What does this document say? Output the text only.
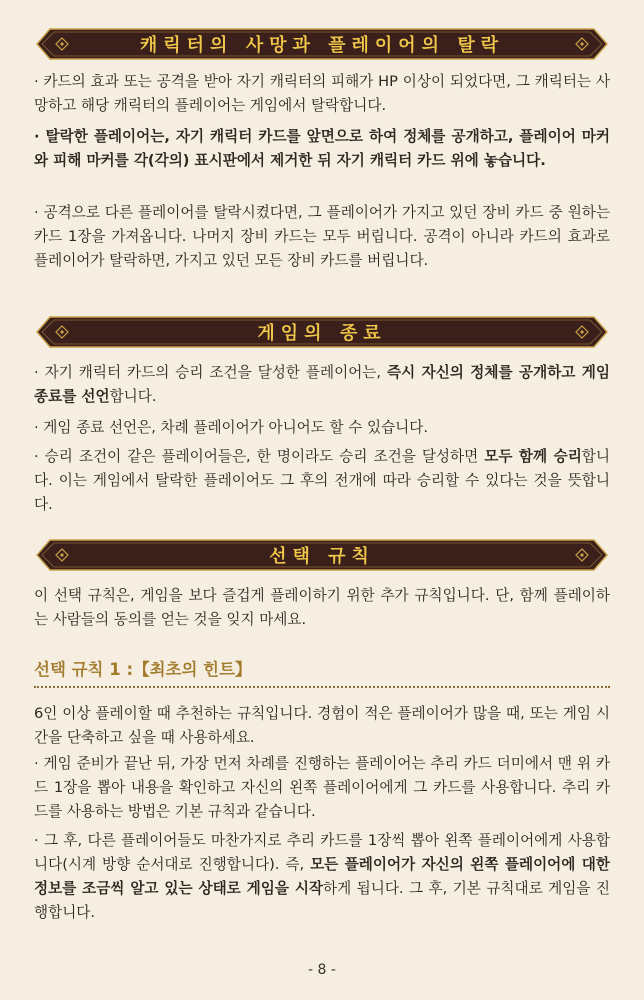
캐릭터의 사망과 플레이어의 탈락
· 카드의 효과 또는 공격을 받아 자기 캐릭터의 피해가 HP 이상이 되었다면, 그 캐릭터는 사망하고 해당 캐릭터의 플레이어는 게임에서 탈락합니다.
· 탈락한 플레이어는, 자기 캐릭터 카드를 앞면으로 하여 정체를 공개하고, 플레이어 마커와 피해 마커를 각(각의) 표시판에서 제거한 뒤 자기 캐릭터 카드 위에 놓습니다.
· 공격으로 다른 플레이어를 탈락시켰다면, 그 플레이어가 가지고 있던 장비 카드 중 원하는 카드 1장을 가져옵니다. 나머지 장비 카드는 모두 버립니다. 공격이 아니라 카드의 효과로 플레이어가 탈락하면, 가지고 있던 모든 장비 카드를 버립니다.
게임의 종료
· 자기 캐릭터 카드의 승리 조건을 달성한 플레이어는, 즉시 자신의 정체를 공개하고 게임 종료를 선언합니다.
· 게임 종료 선언은, 차례 플레이어가 아니어도 할 수 있습니다.
· 승리 조건이 같은 플레이어들은, 한 명이라도 승리 조건을 달성하면 모두 함께 승리합니다. 이는 게임에서 탈락한 플레이어도 그 후의 전개에 따라 승리할 수 있다는 것을 뜻합니다.
선택 규칙
이 선택 규칙은, 게임을 보다 즐겁게 플레이하기 위한 추가 규칙입니다. 단, 함께 플레이하는 사람들의 동의를 얻는 것을 잊지 마세요.
선택 규칙 1 :【최초의 힌트】
6인 이상 플레이할 때 추천하는 규칙입니다. 경험이 적은 플레이어가 많을 때, 또는 게임 시간을 단축하고 싶을 때 사용하세요.
· 게임 준비가 끝난 뒤, 가장 먼저 차례를 진행하는 플레이어는 추리 카드 더미에서 맨 위 카드 1장을 뽑아 내용을 확인하고 자신의 왼쪽 플레이어에게 그 카드를 사용합니다. 추리 카드를 사용하는 방법은 기본 규칙과 같습니다.
· 그 후, 다른 플레이어들도 마찬가지로 추리 카드를 1장씩 뽑아 왼쪽 플레이어에게 사용합니다(시계 방향 순서대로 진행합니다). 즉, 모든 플레이어가 자신의 왼쪽 플레이어에 대한 정보를 조금씩 알고 있는 상태로 게임을 시작하게 됩니다. 그 후, 기본 규칙대로 게임을 진행합니다.
- 8 -
